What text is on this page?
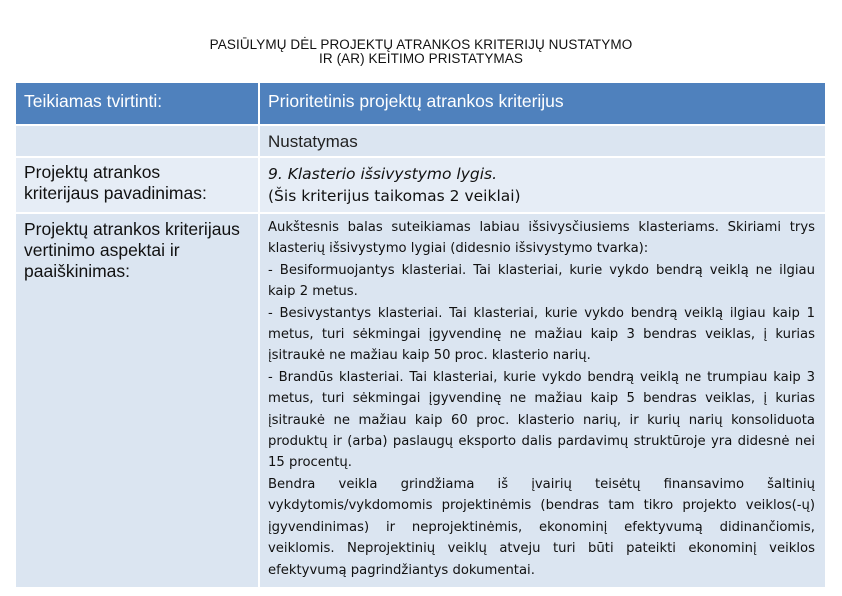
PASIŪLYMŲ DĖL PROJEKTŲ ATRANKOS KRITERIJŲ NUSTATYMO
IR (AR) KEITIMO PRISTATYMAS
Teikiamas tvirtinti:	Prioritetinis projektų atrankos kriterijus
Nustatymas
Projektų atrankos
kriterijaus pavadinimas:
9. Klasterio išsivystymo lygis.
(Šis kriterijus taikomas 2 veiklai)
Projektų atrankos kriterijaus vertinimo aspektai ir paaiškinimas:

Aukštesnis balas suteikiamas labiau išsivysčiusiems klasteriams. Skiriami trys klasterių išsivystymo lygiai (didesnio išsivystymo tvarka):

- Besiformuojantys klasteriai. Tai klasteriai, kurie vykdo bendrą veiklą ne ilgiau kaip 2 metus.

- Besivystantys klasteriai. Tai klasteriai, kurie vykdo bendrą veiklą ilgiau kaip 1 metus, turi sėkmingai įgyvendinę ne mažiau kaip 3 bendras veiklas, į kurias įsitraukė ne mažiau kaip 50 proc. klasterio narių.

- Brandūs klasteriai. Tai klasteriai, kurie vykdo bendrą veiklą ne trumpiau kaip 3 metus, turi sėkmingai įgyvendinę ne mažiau kaip 5 bendras veiklas, į kurias įsitraukė ne mažiau kaip 60 proc. klasterio narių, ir kurių narių konsoliduota produktų ir (arba) paslaugų eksporto dalis pardavimų struktūroje yra didesnė nei 15 procentų.

Bendra veikla grindžiama iš įvairių teisėtų finansavimo šaltinių vykdytomis/vykdomomis projektinėmis (bendras tam tikro projekto veiklos(-ų) įgyvendinimas) ir neprojektinėmis, ekonominį efektyvumą didinančiomis, veiklomis. Neprojektinių veiklų atveju turi būti pateikti ekonominį veiklos efektyvumą pagrindžiantys dokumentai.
